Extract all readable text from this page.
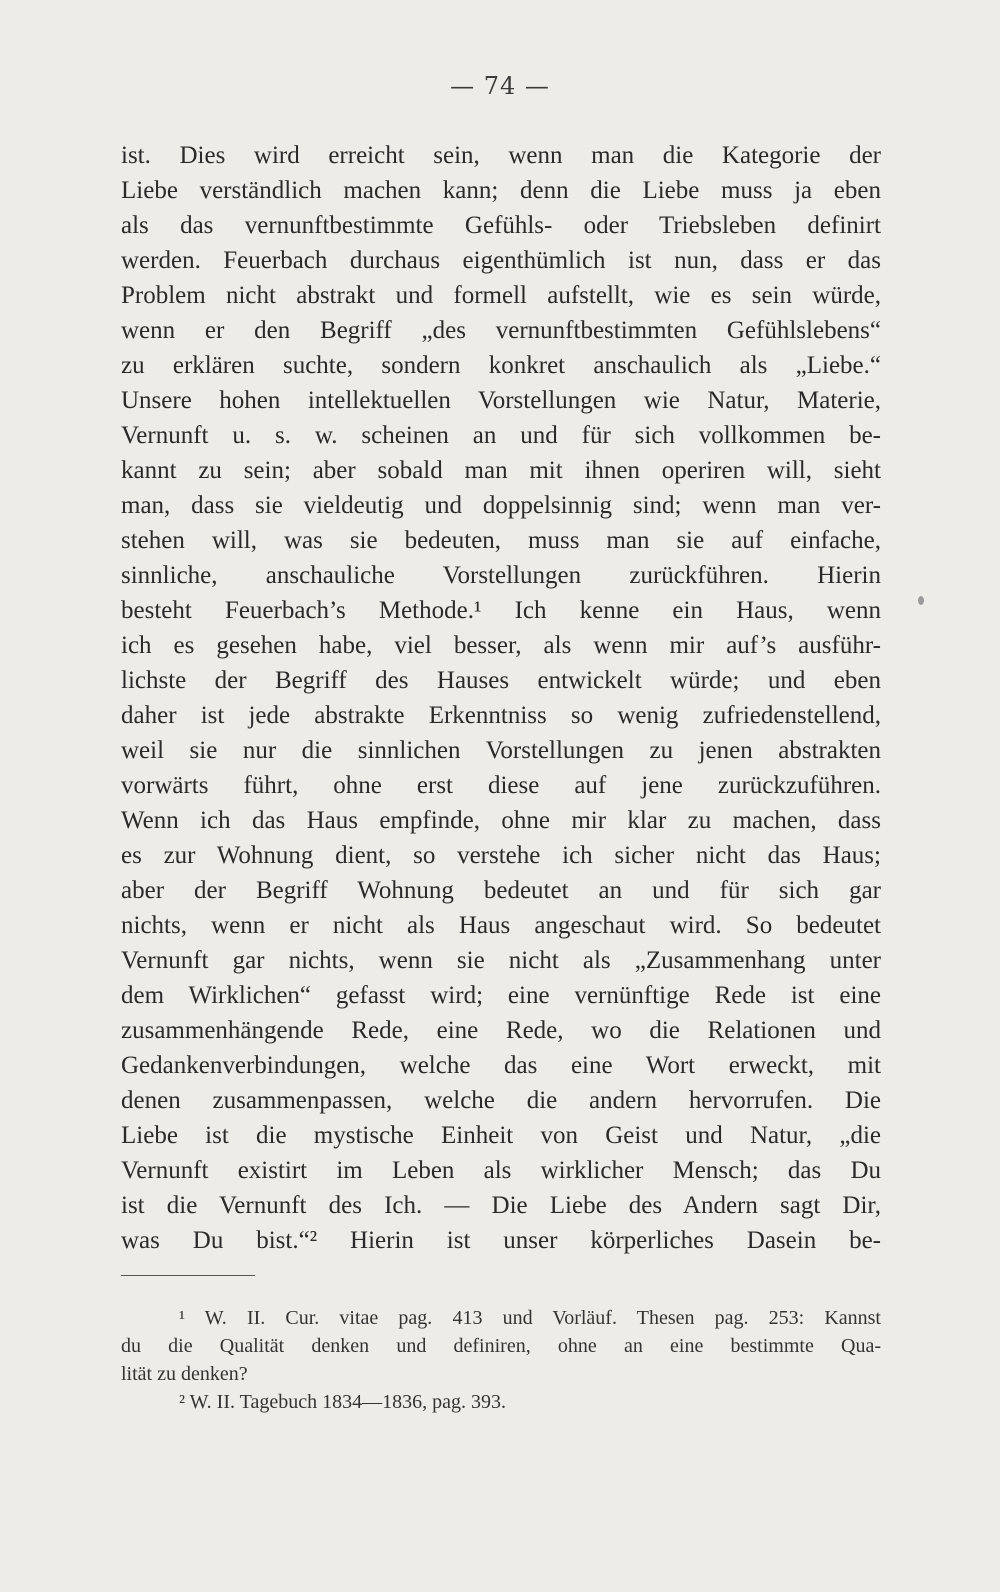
— 74 —
ist. Dies wird erreicht sein, wenn man die Kategorie der
Liebe verständlich machen kann; denn die Liebe muss ja eben
als das vernunftbestimmte Gefühls- oder Triebsleben definirt
werden. Feuerbach durchaus eigenthümlich ist nun, dass er das
Problem nicht abstrakt und formell aufstellt, wie es sein würde,
wenn er den Begriff „des vernunftbestimmten Gefühlslebens“
zu erklären suchte, sondern konkret anschaulich als „Liebe.“
Unsere hohen intellektuellen Vorstellungen wie Natur, Materie,
Vernunft u. s. w. scheinen an und für sich vollkommen be-
kannt zu sein; aber sobald man mit ihnen operiren will, sieht
man, dass sie vieldeutig und doppelsinnig sind; wenn man ver-
stehen will, was sie bedeuten, muss man sie auf einfache,
sinnliche, anschauliche Vorstellungen zurückführen. Hierin
besteht Feuerbach’s Methode.¹ Ich kenne ein Haus, wenn
ich es gesehen habe, viel besser, als wenn mir auf’s ausführ-
lichste der Begriff des Hauses entwickelt würde; und eben
daher ist jede abstrakte Erkenntniss so wenig zufriedenstellend,
weil sie nur die sinnlichen Vorstellungen zu jenen abstrakten
vorwärts führt, ohne erst diese auf jene zurückzuführen.
Wenn ich das Haus empfinde, ohne mir klar zu machen, dass
es zur Wohnung dient, so verstehe ich sicher nicht das Haus;
aber der Begriff Wohnung bedeutet an und für sich gar
nichts, wenn er nicht als Haus angeschaut wird. So bedeutet
Vernunft gar nichts, wenn sie nicht als „Zusammenhang unter
dem Wirklichen“ gefasst wird; eine vernünftige Rede ist eine
zusammenhängende Rede, eine Rede, wo die Relationen und
Gedankenverbindungen, welche das eine Wort erweckt, mit
denen zusammenpassen, welche die andern hervorrufen. Die
Liebe ist die mystische Einheit von Geist und Natur, „die
Vernunft existirt im Leben als wirklicher Mensch; das Du
ist die Vernunft des Ich. — Die Liebe des Andern sagt Dir,
was Du bist.“² Hierin ist unser körperliches Dasein be-
¹ W. II. Cur. vitae pag. 413 und Vorläuf. Thesen pag. 253: Kannst
du die Qualität denken und definiren, ohne an eine bestimmte Qua-
lität zu denken?
² W. II. Tagebuch 1834—1836, pag. 393.
